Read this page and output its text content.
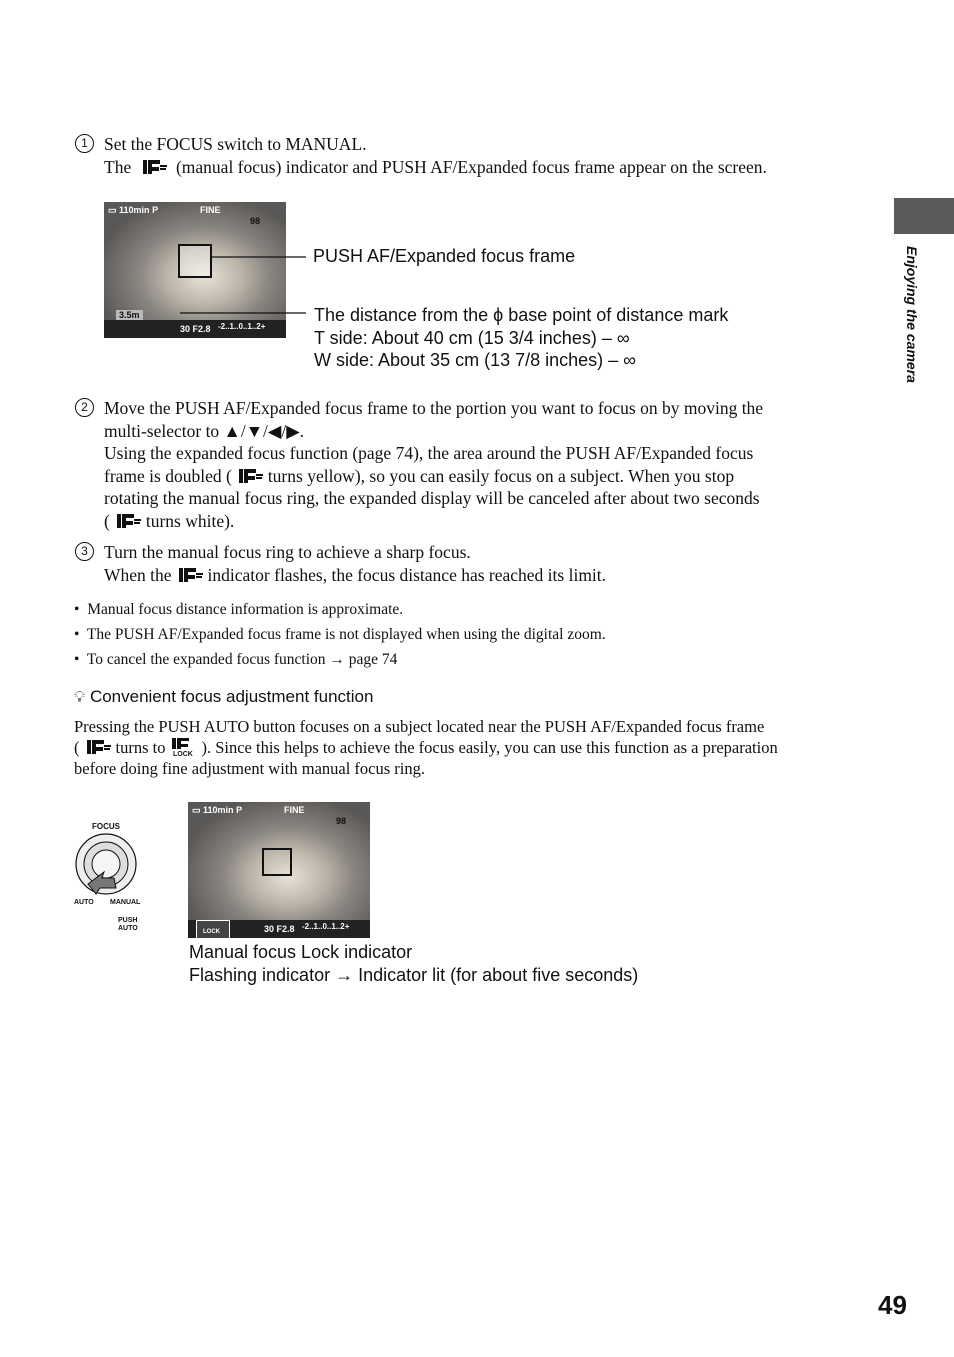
Enjoying the camera
1 Set the FOCUS switch to MANUAL.
The	(manual focus) indicator and PUSH AF/Expanded focus frame appear on the screen.
▭ 110min P	FINE
98
3.5m
30 F2.8 -2..1..0..1..2+
PUSH AF/Expanded focus frame
The distance from the ϕ base point of distance mark
T side: About 40 cm (15 3/4 inches) – ∞
W side: About 35 cm (13 7/8 inches) – ∞
2 Move the PUSH AF/Expanded focus frame to the portion you want to focus on by moving the
multi-selector to ▲/▼/◀/▶.
Using the expanded focus function (page 74), the area around the PUSH AF/Expanded focus
frame is doubled ( turns yellow), so you can easily focus on a subject. When you stop
rotating the manual focus ring, the expanded display will be canceled after about two seconds
( turns white).
3 Turn the manual focus ring to achieve a sharp focus.
When the indicator flashes, the focus distance has reached its limit.
•  Manual focus distance information is approximate.
•  The PUSH AF/Expanded focus frame is not displayed when using the digital zoom.
•  To cancel the expanded focus function → page 74
💡︎ Convenient focus adjustment function
Pressing the PUSH AUTO button focuses on a subject located near the PUSH AF/Expanded focus frame
( turns to LOCK ). Since this helps to achieve the focus easily, you can use this function as a preparation
before doing fine adjustment with manual focus ring.
FOCUS
AUTO MANUAL
PUSH
AUTO
▭ 110min P	FINE
98
LOCK	30 F2.8 -2..1..0..1..2+
Manual focus Lock indicator
Flashing indicator → Indicator lit (for about five seconds)
49
